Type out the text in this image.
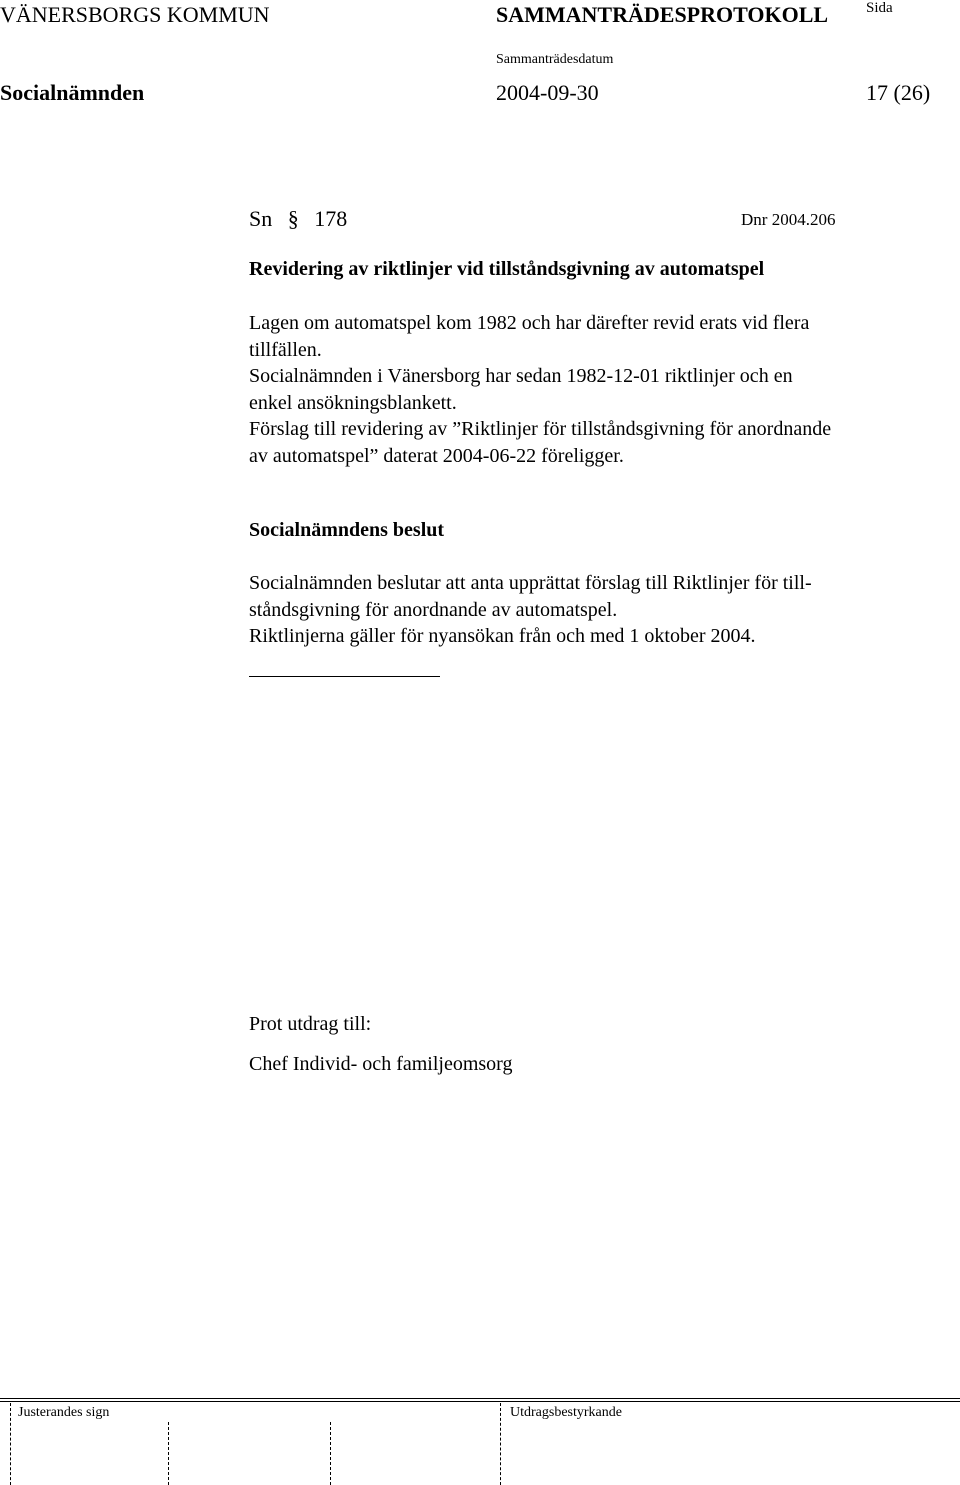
VÄNERSBORGS KOMMUN	SAMMANTRÄDESPROTOKOLL	Sida
Sammanträdesdatum
Socialnämnden	2004-09-30	17 (26)
Sn § 178	Dnr 2004.206
Revidering av riktlinjer vid tillståndsgivning av automatspel
Lagen om automatspel kom 1982 och har därefter revid erats vid flera
tillfällen.
Socialnämnden i Vänersborg har sedan 1982-12-01 riktlinjer och en
enkel ansökningsblankett.
Förslag till revidering av ”Riktlinjer för tillståndsgivning för anordnande
av automatspel” daterat 2004-06-22 föreligger.
Socialnämndens beslut
Socialnämnden beslutar att anta upprättat förslag till Riktlinjer för till-
ståndsgivning för anordnande av automatspel.
Riktlinjerna gäller för nyansökan från och med 1 oktober 2004.
Prot utdrag till:
Chef Individ- och familjeomsorg
Justerandes sign	Utdragsbestyrkande
